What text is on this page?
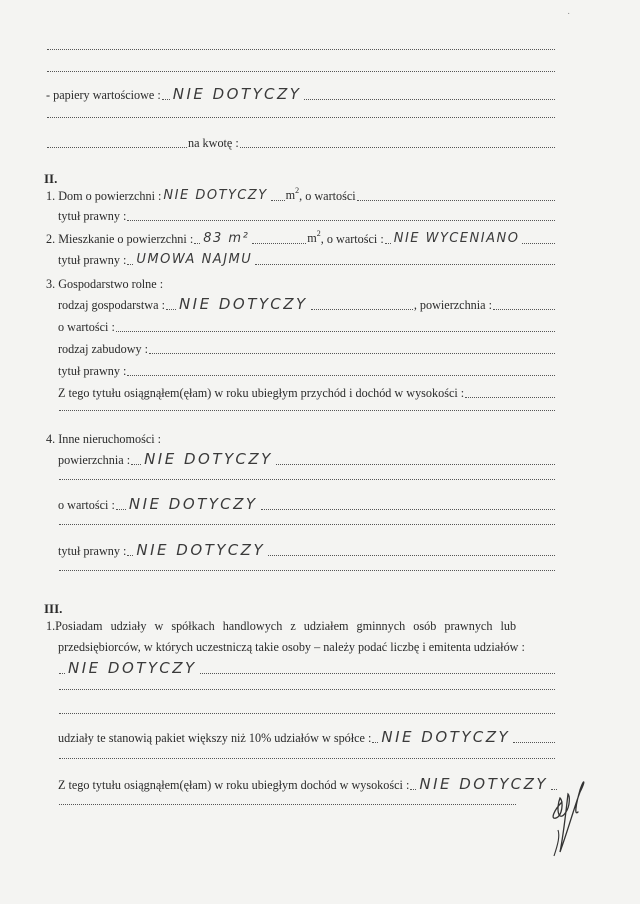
- papiery wartościowe : NIE DOTYCZY
na kwotę :
II.
1. Dom o powierzchni : NIE DOTYCZY $m^2$ , o wartości
tytuł prawny :
2. Mieszkanie o powierzchni : 83 m²	$m^2$ , o wartości : NIE WYCENIANO
tytuł prawny : UMOWA NAJMU
3. Gospodarstwo rolne :
rodzaj gospodarstwa : NIE DOTYCZY	, powierzchnia :
o wartości :
rodzaj zabudowy :
tytuł prawny :
Z tego tytułu osiągnąłem(ęłam) w roku ubiegłym przychód i dochód w wysokości :
4. Inne nieruchomości :
powierzchnia : NIE DOTYCZY
o wartości : NIE DOTYCZY
tytuł prawny : NIE DOTYCZY
III.
1.Posiadam udziały w spółkach handlowych z udziałem gminnych osób prawnych lub
przedsiębiorców, w których uczestniczą takie osoby – należy podać liczbę i emitenta udziałów :
NIE DOTYCZY
udziały te stanowią pakiet większy niż 10% udziałów w spółce : NIE DOTYCZY
Z tego tytułu osiągnąłem(ęłam) w roku ubiegłym dochód w wysokości : NIE DOTYCZY
˙
